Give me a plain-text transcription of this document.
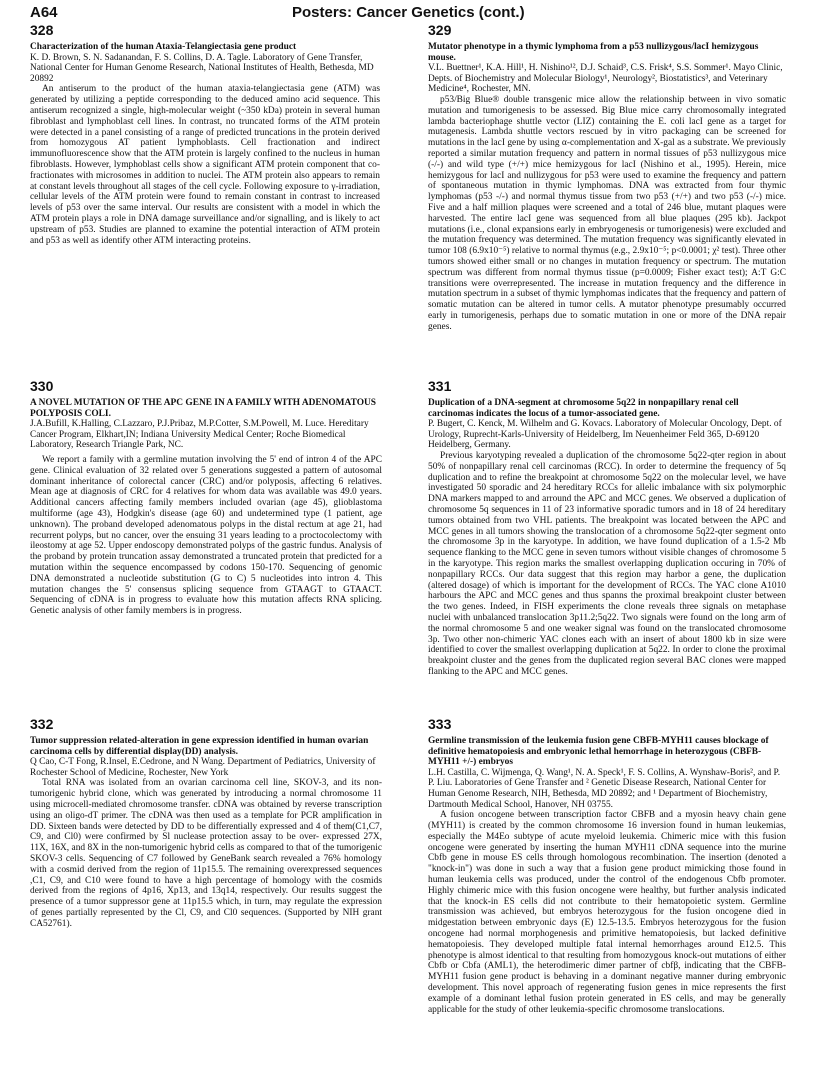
A64	Posters: Cancer Genetics (cont.)

328

Characterization of the human Ataxia-Telangiectasia gene product

K. D. Brown, S. N. Sadanandan, F. S. Collins, D. A. Tagle. Laboratory of Gene Transfer, National Center for Human Genome Research, National Institutes of Health, Bethesda, MD 20892

An antiserum to the product of the human ataxia-telangiectasia gene (ATM) was generated by utilizing a peptide corresponding to the deduced amino acid sequence. This antiserum recognized a single, high-molecular weight (~350 kDa) protein in several human fibroblast and lymphoblast cell lines. In contrast, no truncated forms of the ATM protein were detected in a panel consisting of a range of predicted truncations in the protein derived from homozygous AT patient lymphoblasts. Cell fractionation and indirect immunofluorescence show that the ATM protein is largely confined to the nucleus in human fibroblasts. However, lymphoblast cells show a significant ATM protein component that co-fractionates with microsomes in addition to nuclei. The ATM protein also appears to remain at constant levels throughout all stages of the cell cycle. Following exposure to γ-irradiation, cellular levels of the ATM protein were found to remain constant in contrast to increased levels of p53 over the same interval. Our results are consistent with a model in which the ATM protein plays a role in DNA damage surveillance and/or signalling, and is likely to act upstream of p53. Studies are planned to examine the potential interaction of ATM protein and p53 as well as identify other ATM interacting proteins.

329

Mutator phenotype in a thymic lymphoma from a p53 nullizygous/lacI hemizygous mouse.

V.L. Buettner¹, K.A. Hill¹, H. Nishino¹², D.J. Schaid³, C.S. Frisk⁴, S.S. Sommer¹. Mayo Clinic, Depts. of Biochemistry and Molecular Biology¹, Neurology², Biostatistics³, and Veterinary Medicine⁴, Rochester, MN.

p53/Big Blue® double transgenic mice allow the relationship between in vivo somatic mutation and tumorigenesis to be assessed. Big Blue mice carry chromosomally integrated lambda bacteriophage shuttle vector (LIZ) containing the E. coli lacI gene as a target for mutagenesis. Lambda shuttle vectors rescued by in vitro packaging can be screened for mutations in the lacI gene by using α-complementation and X-gal as a substrate. We previously reported a similar mutation frequency and pattern in normal tissues of p53 nullizygous mice (-/-) and wild type (+/+) mice hemizygous for lacI (Nishino et al., 1995). Herein, mice hemizygous for lacI and nullizygous for p53 were used to examine the frequency and pattern of spontaneous mutation in thymic lymphomas. DNA was extracted from four thymic lymphomas (p53 -/-) and normal thymus tissue from two p53 (+/+) and two p53 (-/-) mice. Five and a half million plaques were screened and a total of 246 blue, mutant plaques were harvested. The entire lacI gene was sequenced from all blue plaques (295 kb). Jackpot mutations (i.e., clonal expansions early in embryogenesis or tumorigenesis) were excluded and the mutation frequency was determined. The mutation frequency was significantly elevated in tumor 108 (6.9x10⁻⁵) relative to normal thymus (e.g., 2.9x10⁻⁵; p<0.0001; χ² test). Three other tumors showed either small or no changes in mutation frequency or spectrum. The mutation spectrum was different from normal thymus tissue (p=0.0009; Fisher exact test); A:T G:C transitions were overrepresented. The increase in mutation frequency and the difference in mutation spectrum in a subset of thymic lymphomas indicates that the frequency and pattern of somatic mutation can be altered in tumor cells. A mutator phenotype presumably occurred early in tumorigenesis, perhaps due to somatic mutation in one or more of the DNA repair genes.

330

A NOVEL MUTATION OF THE APC GENE IN A FAMILY WITH ADENOMATOUS POLYPOSIS COLI.

J.A.Bufill, K.Halling, C.Lazzaro, P.J.Pribaz, M.P.Cotter, S.M.Powell, M. Luce. Hereditary Cancer Program, Elkhart,IN; Indiana University Medical Center; Roche Biomedical Laboratory, Research Triangle Park, NC.

We report a family with a germline mutation involving the 5' end of intron 4 of the APC gene. Clinical evaluation of 32 related over 5 generations suggested a pattern of autosomal dominant inheritance of colorectal cancer (CRC) and/or polyposis, affecting 6 relatives. Mean age at diagnosis of CRC for 4 relatives for whom data was available was 49.0 years. Additional cancers affecting family members included ovarian (age 45), glioblastoma multiforme (age 43), Hodgkin's disease (age 60) and undetermined type (1 patient, age unknown). The proband developed adenomatous polyps in the distal rectum at age 21, had recurrent polyps, but no cancer, over the ensuing 31 years leading to a proctocolectomy with ileostomy at age 52. Upper endoscopy demonstrated polyps of the gastric fundus. Analysis of the proband by protein truncation assay demonstrated a truncated protein that predicted for a mutation within the sequence encompassed by codons 150-170. Sequencing of genomic DNA demonstrated a nucleotide substitution (G to C) 5 nucleotides into intron 4. This mutation changes the 5' consensus splicing sequence from GTAAGT to GTAACT. Sequencing of cDNA is in progress to evaluate how this mutation affects RNA splicing. Genetic analysis of other family members is in progress.

331

Duplication of a DNA-segment at chromosome 5q22 in nonpapillary renal cell carcinomas indicates the locus of a tumor-associated gene.

P. Bugert, C. Kenck, M. Wilhelm and G. Kovacs. Laboratory of Molecular Oncology, Dept. of Urology, Ruprecht-Karls-University of Heidelberg, Im Neuenheimer Feld 365, D-69120 Heidelberg, Germany.

Previous karyotyping revealed a duplication of the chromosome 5q22-qter region in about 50% of nonpapillary renal cell carcinomas (RCC). In order to determine the frequency of 5q duplication and to refine the breakpoint at chromosome 5q22 on the molecular level, we have investigated 50 sporadic and 24 hereditary RCCs for allelic imbalance with six polymorphic DNA markers mapped to and arround the APC and MCC genes. We observed a duplication of chromosome 5q sequences in 11 of 23 informative sporadic tumors and in 18 of 24 hereditary tumors obtained from two VHL patients. The breakpoint was located between the APC and MCC genes in all tumors showing the translocation of a chromosome 5q22-qter segment onto the chromosome 3p in the karyotype. In addition, we have found duplication of a 1.5-2 Mb sequence flanking to the MCC gene in seven tumors without visible changes of chromosome 5 in the karyotype. This region marks the smallest overlapping duplication occuring in 70% of nonpapillary RCCs. Our data suggest that this region may harbor a gene, the duplication (altered dosage) of which is important for the development of RCCs. The YAC clone A1010 harbours the APC and MCC genes and thus spanns the proximal breakpoint cluster between the two genes. Indeed, in FISH experiments the clone reveals three signals on metaphase nuclei with unbalanced translocation 3p11.2;5q22. Two signals were found on the long arm of the normal chromosome 5 and one weaker signal was found on the translocated chromosome 3p. Two other non-chimeric YAC clones each with an insert of about 1800 kb in size were identified to cover the smallest overlapping duplication at 5q22. In order to clone the proximal breakpoint cluster and the genes from the duplicated region several BAC clones were mapped flanking to the APC and MCC genes.

332

Tumor suppression related-alteration in gene expression identified in human ovarian carcinoma cells by differential display(DD) analysis.

Q Cao, C-T Fong, R.Insel, E.Cedrone, and N Wang. Department of Pediatrics, University of Rochester School of Medicine, Rochester, New York

Total RNA was isolated from an ovarian carcinoma cell line, SKOV-3, and its non-tumorigenic hybrid clone, which was generated by introducing a normal chromosome 11 using microcell-mediated chromosome transfer. cDNA was obtained by reverse transcription using an oligo-dT primer. The cDNA was then used as a template for PCR amplification in DD. Sixteen bands were detected by DD to be differentially expressed and 4 of them(C1,C7, C9, and Cl0) were confirmed by Sl nuclease protection assay to be over- expressed 27X, 11X, 16X, and 8X in the non-tumorigenic hybrid cells as compared to that of the tumorigenic SKOV-3 cells. Sequencing of C7 followed by GeneBank search revealed a 76% homology with a cosmid derived from the region of 11p15.5. The remaining overexpressed sequences ,C1, C9, and C10 were found to have a high percentage of homology with the cosmids derived from the regions of 4p16, Xp13, and 13q14, respectively. Our results suggest the presence of a tumor suppressor gene at 11p15.5 which, in turn, may regulate the expression of genes partially represented by the Cl, C9, and Cl0 sequences. (Supported by NIH grant CA52761).

333

Germline transmission of the leukemia fusion gene CBFB-MYH11 causes blockage of definitive hematopoiesis and embryonic lethal hemorrhage in heterozygous (CBFB-MYH11 +/-) embryos

L.H. Castilla, C. Wijmenga, Q. Wang¹, N. A. Speck¹, F. S. Collins, A. Wynshaw-Boris², and P. P. Liu. Laboratories of Gene Transfer and ² Genetic Disease Research, National Center for Human Genome Research, NIH, Bethesda, MD 20892; and ¹ Department of Biochemistry, Dartmouth Medical School, Hanover, NH 03755.

A fusion oncogene between transcription factor CBFB and a myosin heavy chain gene (MYH11) is created by the common chromosome 16 inversion found in human leukemias, especially the M4Eo subtype of acute myeloid leukemia. Chimeric mice with this fusion oncogene were generated by inserting the human MYH11 cDNA sequence into the murine Cbfb gene in mouse ES cells through homologous recombination. The insertion (denoted a "knock-in") was done in such a way that a fusion gene product mimicking those found in human leukemia cells was produced, under the control of the endogenous Cbfb promoter. Highly chimeric mice with this fusion oncogene were healthy, but further analysis indicated that the knock-in ES cells did not contribute to their hematopoietic system. Germline transmission was achieved, but embryos heterozygous for the fusion oncogene died in midgestation between embryonic days (E) 12.5-13.5. Embryos heterozygous for the fusion oncogene had normal morphogenesis and primitive hematopoiesis, but lacked definitive hematopoiesis. They developed multiple fatal internal hemorrhages around E12.5. This phenotype is almost identical to that resulting from homozygous knock-out mutations of either Cbfb or Cbfa (AML1), the heterodimeric dimer partner of cbfβ, indicating that the CBFB-MYH11 fusion gene product is behaving in a dominant negative manner during embryonic development. This novel approach of regenerating fusion genes in mice represents the first example of a dominant lethal fusion protein generated in ES cells, and may be generally applicable for the study of other leukemia-specific chromosome translocations.
